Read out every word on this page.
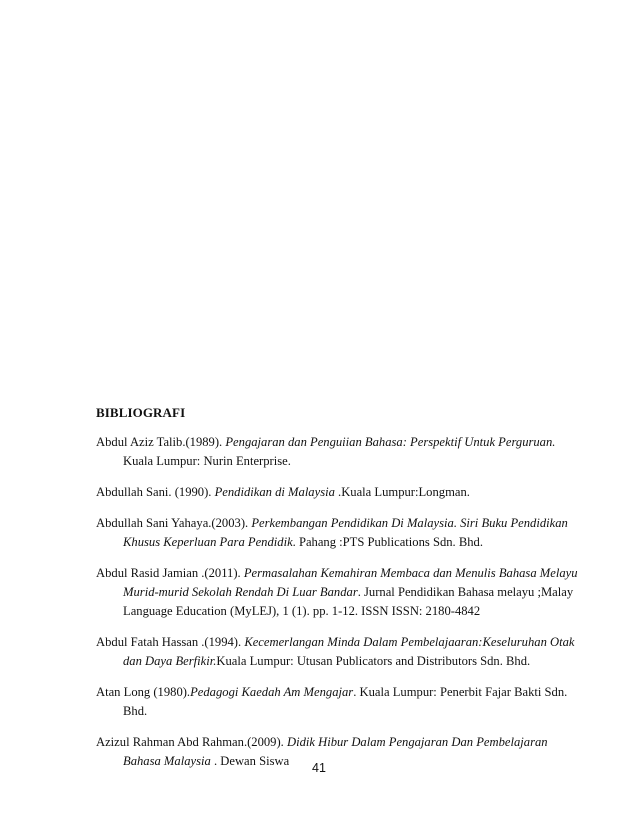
BIBLIOGRAFI

Abdul Aziz Talib.(1989). Pengajaran dan Penguiian Bahasa: Perspektif Untuk Perguruan. Kuala Lumpur: Nurin Enterprise.

Abdullah Sani. (1990). Pendidikan di Malaysia .Kuala Lumpur:Longman.

Abdullah Sani Yahaya.(2003). Perkembangan Pendidikan Di Malaysia. Siri Buku Pendidikan Khusus Keperluan Para Pendidik. Pahang :PTS Publications Sdn. Bhd.

Abdul Rasid Jamian .(2011). Permasalahan Kemahiran Membaca dan Menulis Bahasa Melayu Murid-murid Sekolah Rendah Di Luar Bandar. Jurnal Pendidikan Bahasa melayu ;Malay Language Education (MyLEJ), 1 (1). pp. 1-12. ISSN ISSN: 2180-4842

Abdul Fatah Hassan .(1994). Kecemerlangan Minda Dalam Pembelajaaran:Keseluruhan Otak dan Daya Berfikir.Kuala Lumpur: Utusan Publicators and Distributors Sdn. Bhd.

Atan Long (1980).Pedagogi Kaedah Am Mengajar. Kuala Lumpur: Penerbit Fajar Bakti Sdn. Bhd.

Azizul Rahman Abd Rahman.(2009). Didik Hibur Dalam Pengajaran Dan Pembelajaran Bahasa Malaysia . Dewan Siswa	41
